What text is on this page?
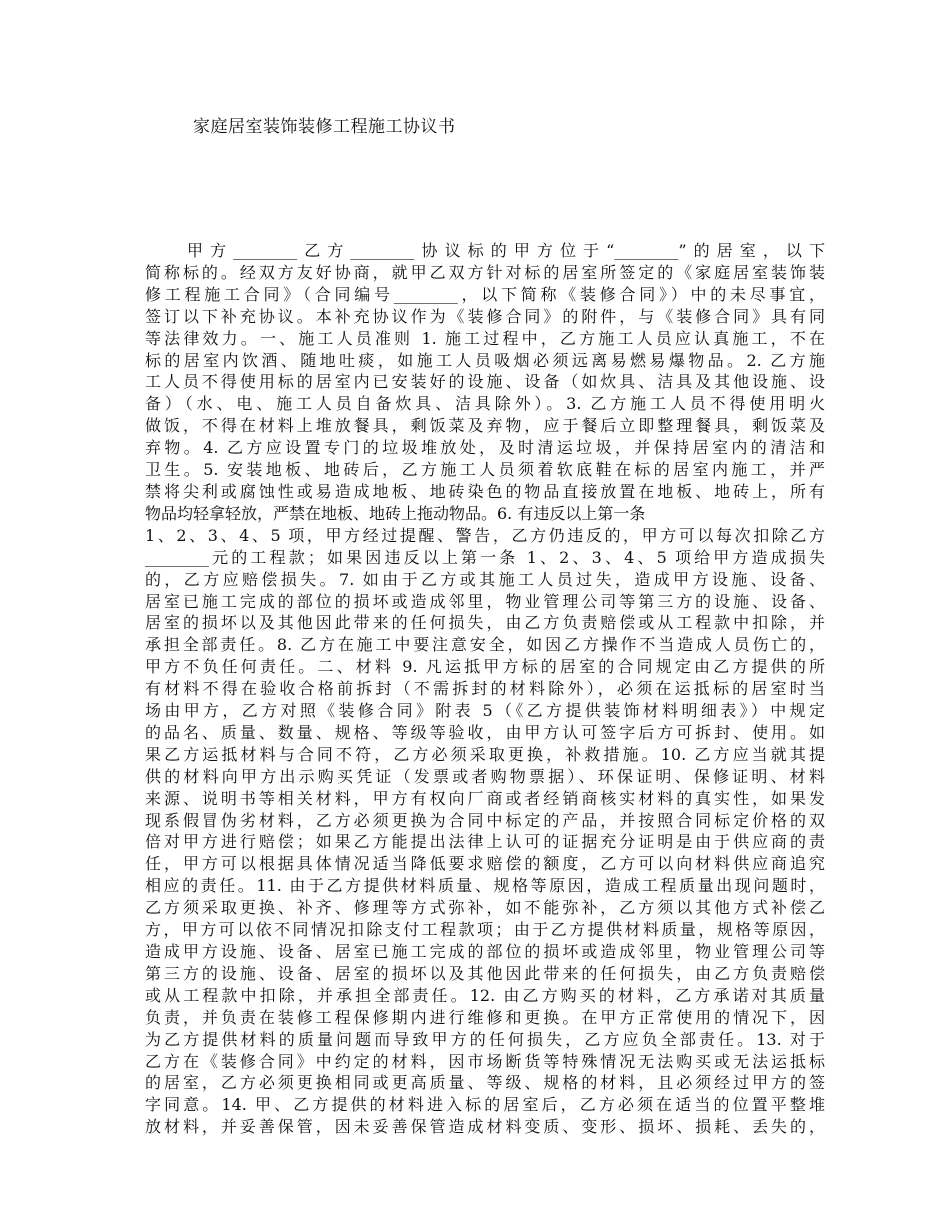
家庭居室装饰装修工程施工协议书
甲方________乙方________协议标的甲方位于“________”的居室，以下
简称标的。经双方友好协商，就甲乙双方针对标的居室所签定的《家庭居室装饰装
修工程施工合同》（合同编号________，以下简称《装修合同》）中的未尽事宜，
签订以下补充协议。本补充协议作为《装修合同》的附件，与《装修合同》具有同
等法律效力。一、施工人员准则 1. 施工过程中，乙方施工人员应认真施工，不在
标的居室内饮酒、随地吐痰，如施工人员吸烟必须远离易燃易爆物品。2. 乙方施
工人员不得使用标的居室内已安装好的设施、设备（如炊具、洁具及其他设施、设
备）（水、电、施工人员自备炊具、洁具除外）。3. 乙方施工人员不得使用明火
做饭，不得在材料上堆放餐具，剩饭菜及弃物，应于餐后立即整理餐具，剩饭菜及
弃物。4. 乙方应设置专门的垃圾堆放处，及时清运垃圾，并保持居室内的清洁和
卫生。5. 安装地板、地砖后，乙方施工人员须着软底鞋在标的居室内施工，并严
禁将尖利或腐蚀性或易造成地板、地砖染色的物品直接放置在地板、地砖上，所有
物品均轻拿轻放，严禁在地板、地砖上拖动物品。6. 有违反以上第一条
1、2、3、4、5 项，甲方经过提醒、警告，乙方仍违反的，甲方可以每次扣除乙方
________元的工程款；如果因违反以上第一条 1、2、3、4、5 项给甲方造成损失
的，乙方应赔偿损失。7. 如由于乙方或其施工人员过失，造成甲方设施、设备、
居室已施工完成的部位的损坏或造成邻里，物业管理公司等第三方的设施、设备、
居室的损坏以及其他因此带来的任何损失，由乙方负责赔偿或从工程款中扣除，并
承担全部责任。8. 乙方在施工中要注意安全，如因乙方操作不当造成人员伤亡的，
甲方不负任何责任。二、材料 9. 凡运抵甲方标的居室的合同规定由乙方提供的所
有材料不得在验收合格前拆封（不需拆封的材料除外），必须在运抵标的居室时当
场由甲方，乙方对照《装修合同》附表 5（《乙方提供装饰材料明细表》）中规定
的品名、质量、数量、规格、等级等验收，由甲方认可签字后方可拆封、使用。如
果乙方运抵材料与合同不符，乙方必须采取更换，补救措施。10. 乙方应当就其提
供的材料向甲方出示购买凭证（发票或者购物票据）、环保证明、保修证明、材料
来源、说明书等相关材料，甲方有权向厂商或者经销商核实材料的真实性，如果发
现系假冒伪劣材料，乙方必须更换为合同中标定的产品，并按照合同标定价格的双
倍对甲方进行赔偿；如果乙方能提出法律上认可的证据充分证明是由于供应商的责
任，甲方可以根据具体情况适当降低要求赔偿的额度，乙方可以向材料供应商追究
相应的责任。11. 由于乙方提供材料质量、规格等原因，造成工程质量出现问题时，
乙方须采取更换、补齐、修理等方式弥补，如不能弥补，乙方须以其他方式补偿乙
方，甲方可以依不同情况扣除支付工程款项；由于乙方提供材料质量，规格等原因，
造成甲方设施、设备、居室已施工完成的部位的损坏或造成邻里，物业管理公司等
第三方的设施、设备、居室的损坏以及其他因此带来的任何损失，由乙方负责赔偿
或从工程款中扣除，并承担全部责任。12. 由乙方购买的材料，乙方承诺对其质量
负责，并负责在装修工程保修期内进行维修和更换。在甲方正常使用的情况下，因
为乙方提供材料的质量问题而导致甲方的任何损失，乙方应负全部责任。13. 对于
乙方在《装修合同》中约定的材料，因市场断货等特殊情况无法购买或无法运抵标
的居室，乙方必须更换相同或更高质量、等级、规格的材料，且必须经过甲方的签
字同意。14. 甲、乙方提供的材料进入标的居室后，乙方必须在适当的位置平整堆
放材料，并妥善保管，因未妥善保管造成材料变质、变形、损坏、损耗、丢失的，
